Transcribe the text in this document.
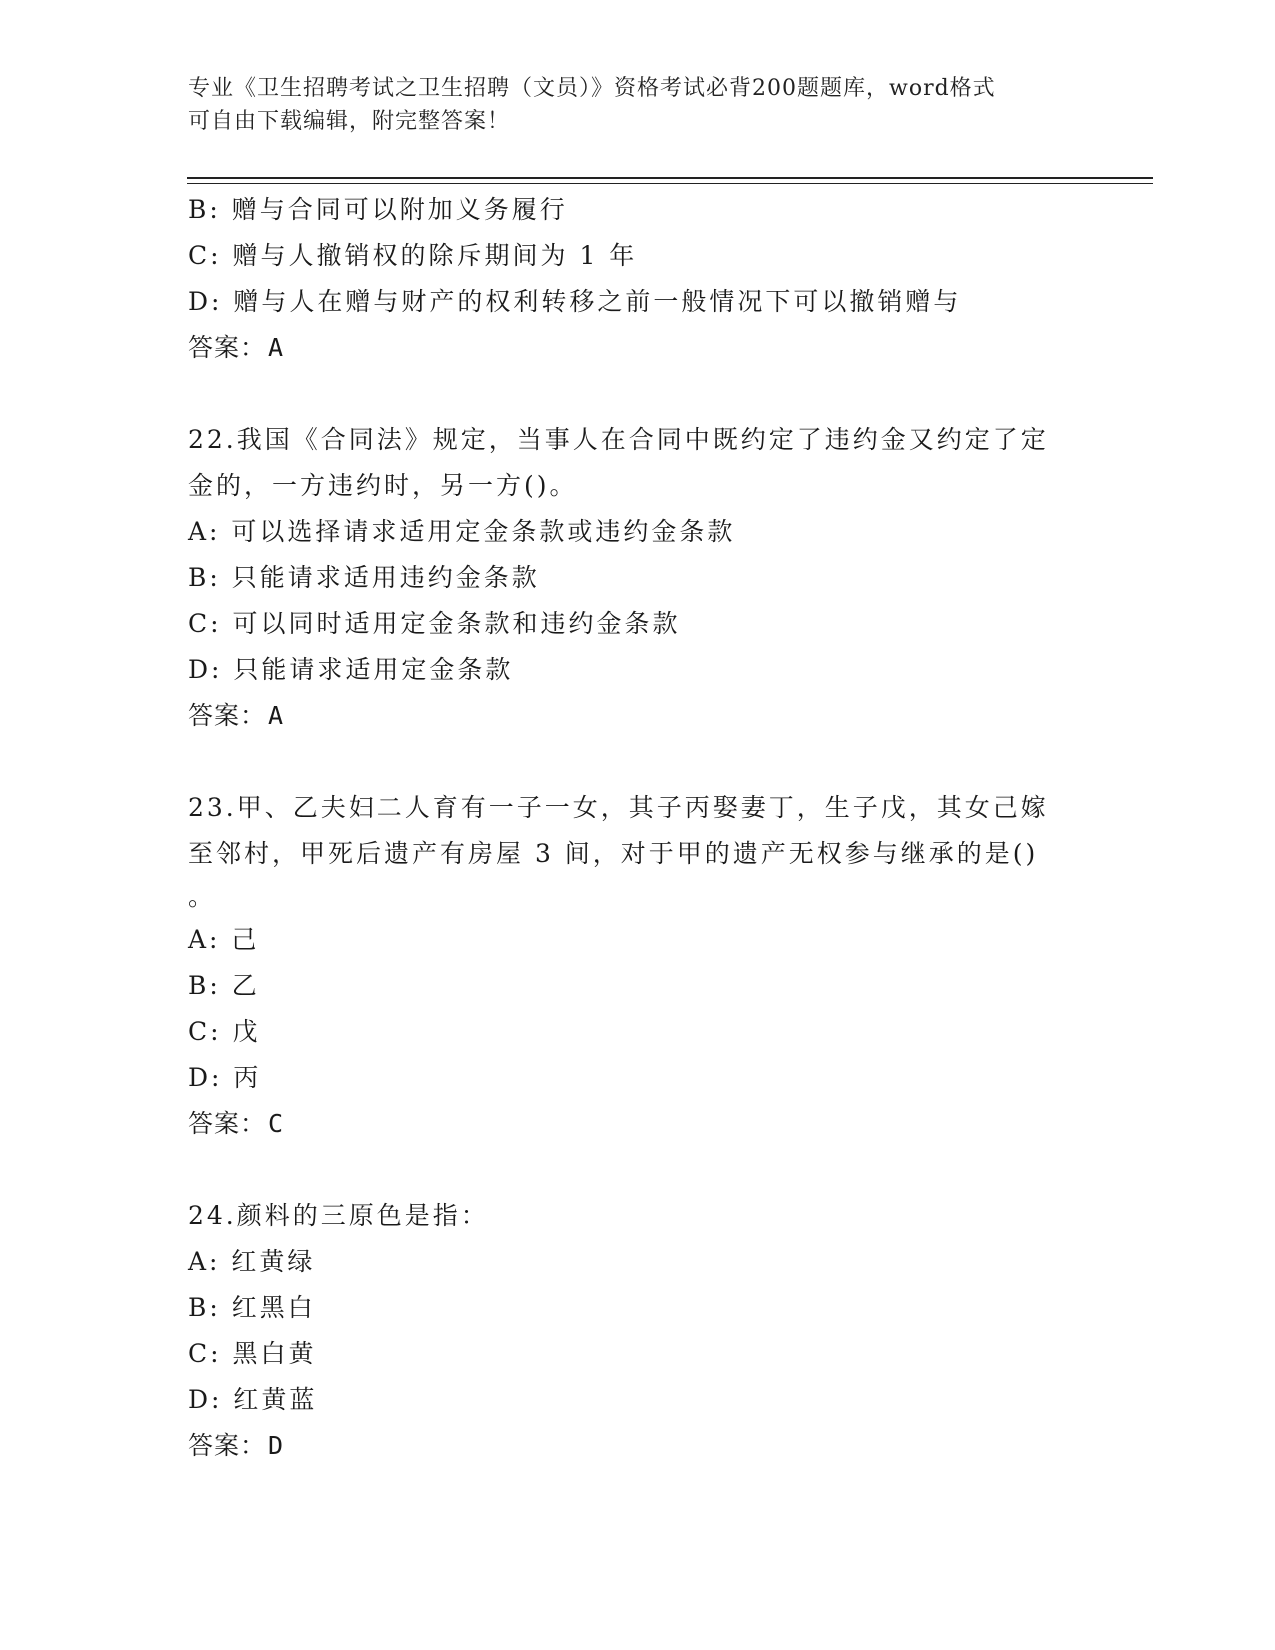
专业《卫生招聘考试之卫生招聘（文员）》资格考试必背200题题库，word格式
可自由下载编辑，附完整答案！
B: 赠与合同可以附加义务履行
C: 赠与人撤销权的除斥期间为 1 年
D: 赠与人在赠与财产的权利转移之前一般情况下可以撤销赠与
答案：A
22.我国《合同法》规定，当事人在合同中既约定了违约金又约定了定
金的，一方违约时，另一方()。
A: 可以选择请求适用定金条款或违约金条款
B: 只能请求适用违约金条款
C: 可以同时适用定金条款和违约金条款
D: 只能请求适用定金条款
答案：A
23.甲、乙夫妇二人育有一子一女，其子丙娶妻丁，生子戊，其女己嫁
至邻村，甲死后遗产有房屋 3 间，对于甲的遗产无权参与继承的是()
。
A: 己
B: 乙
C: 戊
D: 丙
答案：C
24.颜料的三原色是指：
A: 红黄绿
B: 红黑白
C: 黑白黄
D: 红黄蓝
答案：D
